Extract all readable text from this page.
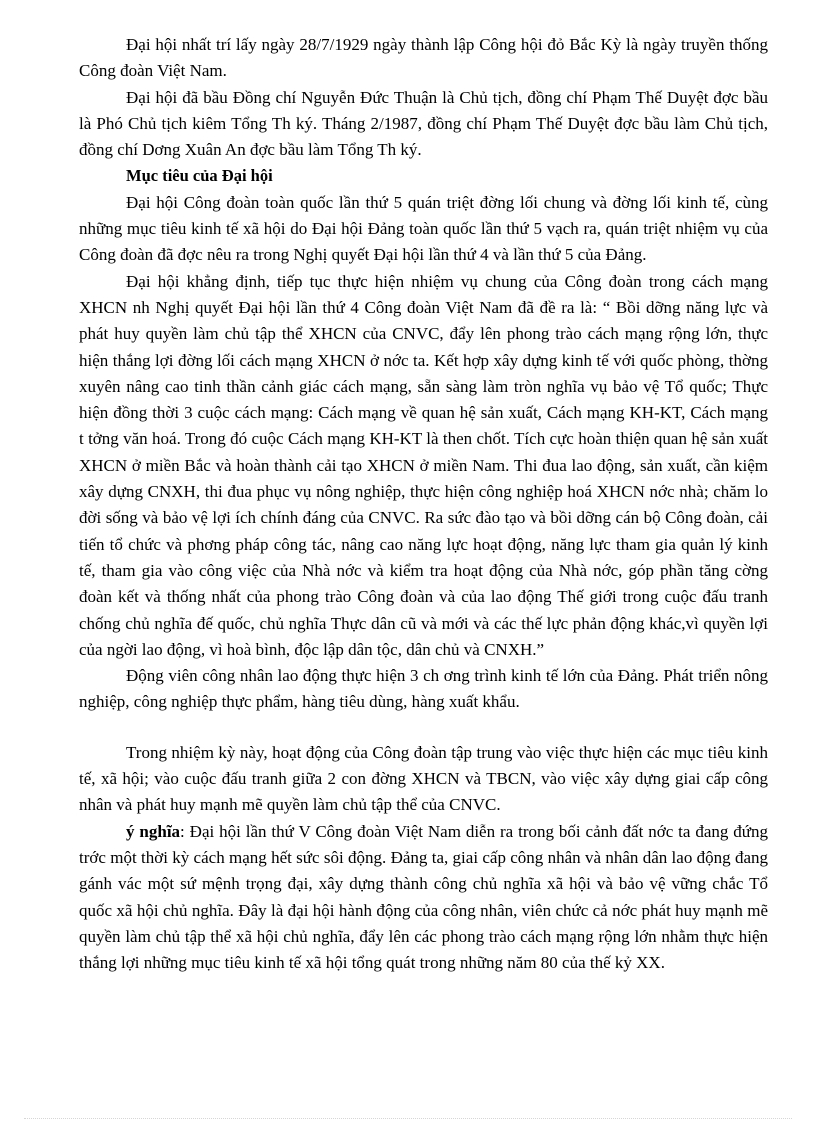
Đại hội nhất trí lấy ngày 28/7/1929 ngày thành lập Công hội đỏ Bắc Kỳ là ngày truyền thống Công đoàn Việt Nam.

Đại hội đã bầu Đồng chí Nguyễn Đức Thuận là Chủ tịch, đồng chí Phạm Thế Duyệt đợc bầu là Phó Chủ tịch kiêm Tổng Th ký. Tháng 2/1987, đồng chí Phạm Thế Duyệt đợc bầu làm Chủ tịch, đồng chí Dơng Xuân An đợc bầu làm Tổng Th ký.

Mục tiêu của Đại hội

Đại hội Công đoàn toàn quốc lần thứ 5 quán triệt đờng lối chung và đờng lối kinh tế, cùng những mục tiêu kinh tế xã hội do Đại hội Đảng toàn quốc lần thứ 5 vạch ra, quán triệt nhiệm vụ của Công đoàn đã đợc nêu ra trong Nghị quyết Đại hội lần thứ 4 và lần thứ 5 của Đảng.

Đại hội khẳng định, tiếp tục thực hiện nhiệm vụ chung của Công đoàn trong cách mạng XHCN nh Nghị quyết Đại hội lần thứ 4 Công đoàn Việt Nam đã đề ra là: “ Bồi dỡng năng lực và phát huy quyền làm chủ tập thể XHCN của CNVC, đẩy lên phong trào cách mạng rộng lớn, thực hiện thắng lợi đờng lối cách mạng XHCN ở nớc ta. Kết hợp xây dựng kinh tế với quốc phòng, thờng xuyên nâng cao tinh thần cảnh giác cách mạng, sẵn sàng làm tròn nghĩa vụ bảo vệ Tổ quốc; Thực hiện đồng thời 3 cuộc cách mạng: Cách mạng về quan hệ sản xuất, Cách mạng KH-KT, Cách mạng t tởng văn hoá. Trong đó cuộc Cách mạng KH-KT là then chốt. Tích cực hoàn thiện quan hệ sản xuất XHCN ở miền Bắc và hoàn thành cải tạo XHCN ở miền Nam. Thi đua lao động, sản xuất, cần kiệm xây dựng CNXH, thi đua phục vụ nông nghiệp, thực hiện công nghiệp hoá XHCN nớc nhà; chăm lo đời sống và bảo vệ lợi ích chính đáng của CNVC. Ra sức đào tạo và bồi dỡng cán bộ Công đoàn, cải tiến tổ chức và phơng pháp công tác, nâng cao năng lực hoạt động, năng lực tham gia quản lý kinh tế, tham gia vào công việc của Nhà nớc và kiểm tra hoạt động của Nhà nớc, góp phần tăng cờng đoàn kết và thống nhất của phong trào Công đoàn và của lao động Thế giới trong cuộc đấu tranh chống chủ nghĩa đế quốc, chủ nghĩa Thực dân cũ và mới và các thế lực phản động khác,vì quyền lợi của ngời lao động, vì hoà bình, độc lập dân tộc, dân chủ và CNXH.”

Động viên công nhân lao động thực hiện 3 ch ơng trình kinh tế lớn của Đảng. Phát triển nông nghiệp, công nghiệp thực phẩm, hàng tiêu dùng, hàng xuất khẩu.

Trong nhiệm kỳ này, hoạt động của Công đoàn tập trung vào việc thực hiện các mục tiêu kinh tế, xã hội; vào cuộc đấu tranh giữa 2 con đờng XHCN và TBCN, vào việc xây dựng giai cấp công nhân và phát huy mạnh mẽ quyền làm chủ tập thể của CNVC.

ý nghĩa: Đại hội lần thứ V Công đoàn Việt Nam diễn ra trong bối cảnh đất nớc ta đang đứng trớc một thời kỳ cách mạng hết sức sôi động. Đảng ta, giai cấp công nhân và nhân dân lao động đang gánh vác một sứ mệnh trọng đại, xây dựng thành công chủ nghĩa xã hội và bảo vệ vững chắc Tổ quốc xã hội chủ nghĩa. Đây là đại hội hành động của công nhân, viên chức cả nớc phát huy mạnh mẽ quyền làm chủ tập thể xã hội chủ nghĩa, đẩy lên các phong trào cách mạng rộng lớn nhằm thực hiện thắng lợi những mục tiêu kinh tế xã hội tổng quát trong những năm 80 của thế kỷ XX.
